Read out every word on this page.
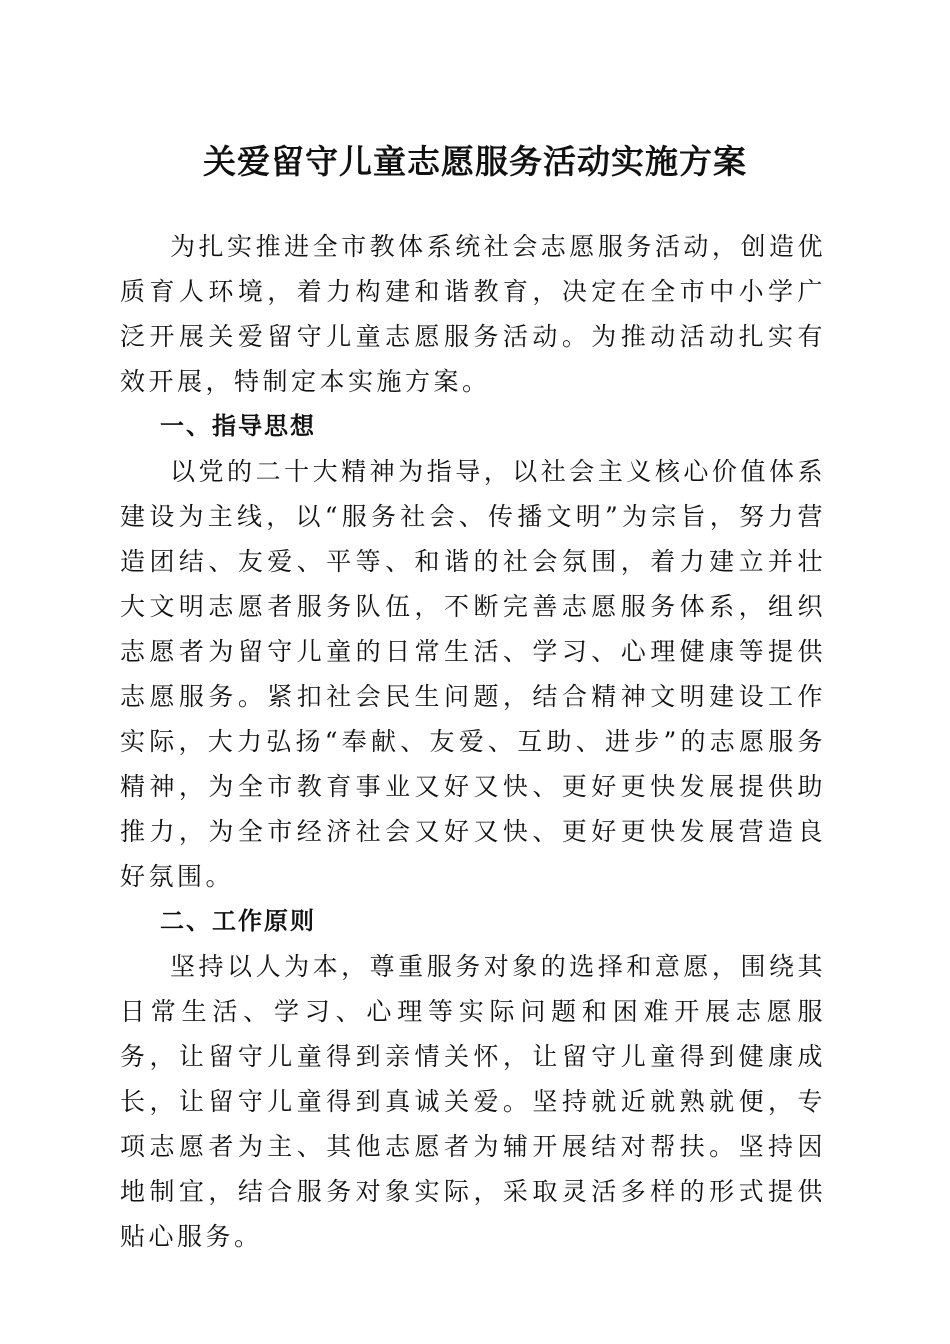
关爱留守儿童志愿服务活动实施方案

为扎实推进全市教体系统社会志愿服务活动，创造优质育人环境，着力构建和谐教育，决定在全市中小学广泛开展关爱留守儿童志愿服务活动。为推动活动扎实有效开展，特制定本实施方案。

一、指导思想

以党的二十大精神为指导，以社会主义核心价值体系建设为主线，以“服务社会、传播文明”为宗旨，努力营造团结、友爱、平等、和谐的社会氛围，着力建立并壮大文明志愿者服务队伍，不断完善志愿服务体系，组织志愿者为留守儿童的日常生活、学习、心理健康等提供志愿服务。紧扣社会民生问题，结合精神文明建设工作实际，大力弘扬“奉献、友爱、互助、进步”的志愿服务精神，为全市教育事业又好又快、更好更快发展提供助推力，为全市经济社会又好又快、更好更快发展营造良好氛围。

二、工作原则

坚持以人为本，尊重服务对象的选择和意愿，围绕其日常生活、学习、心理等实际问题和困难开展志愿服务，让留守儿童得到亲情关怀，让留守儿童得到健康成长，让留守儿童得到真诚关爱。坚持就近就熟就便，专项志愿者为主、其他志愿者为辅开展结对帮扶。坚持因地制宜，结合服务对象实际，采取灵活多样的形式提供贴心服务。
